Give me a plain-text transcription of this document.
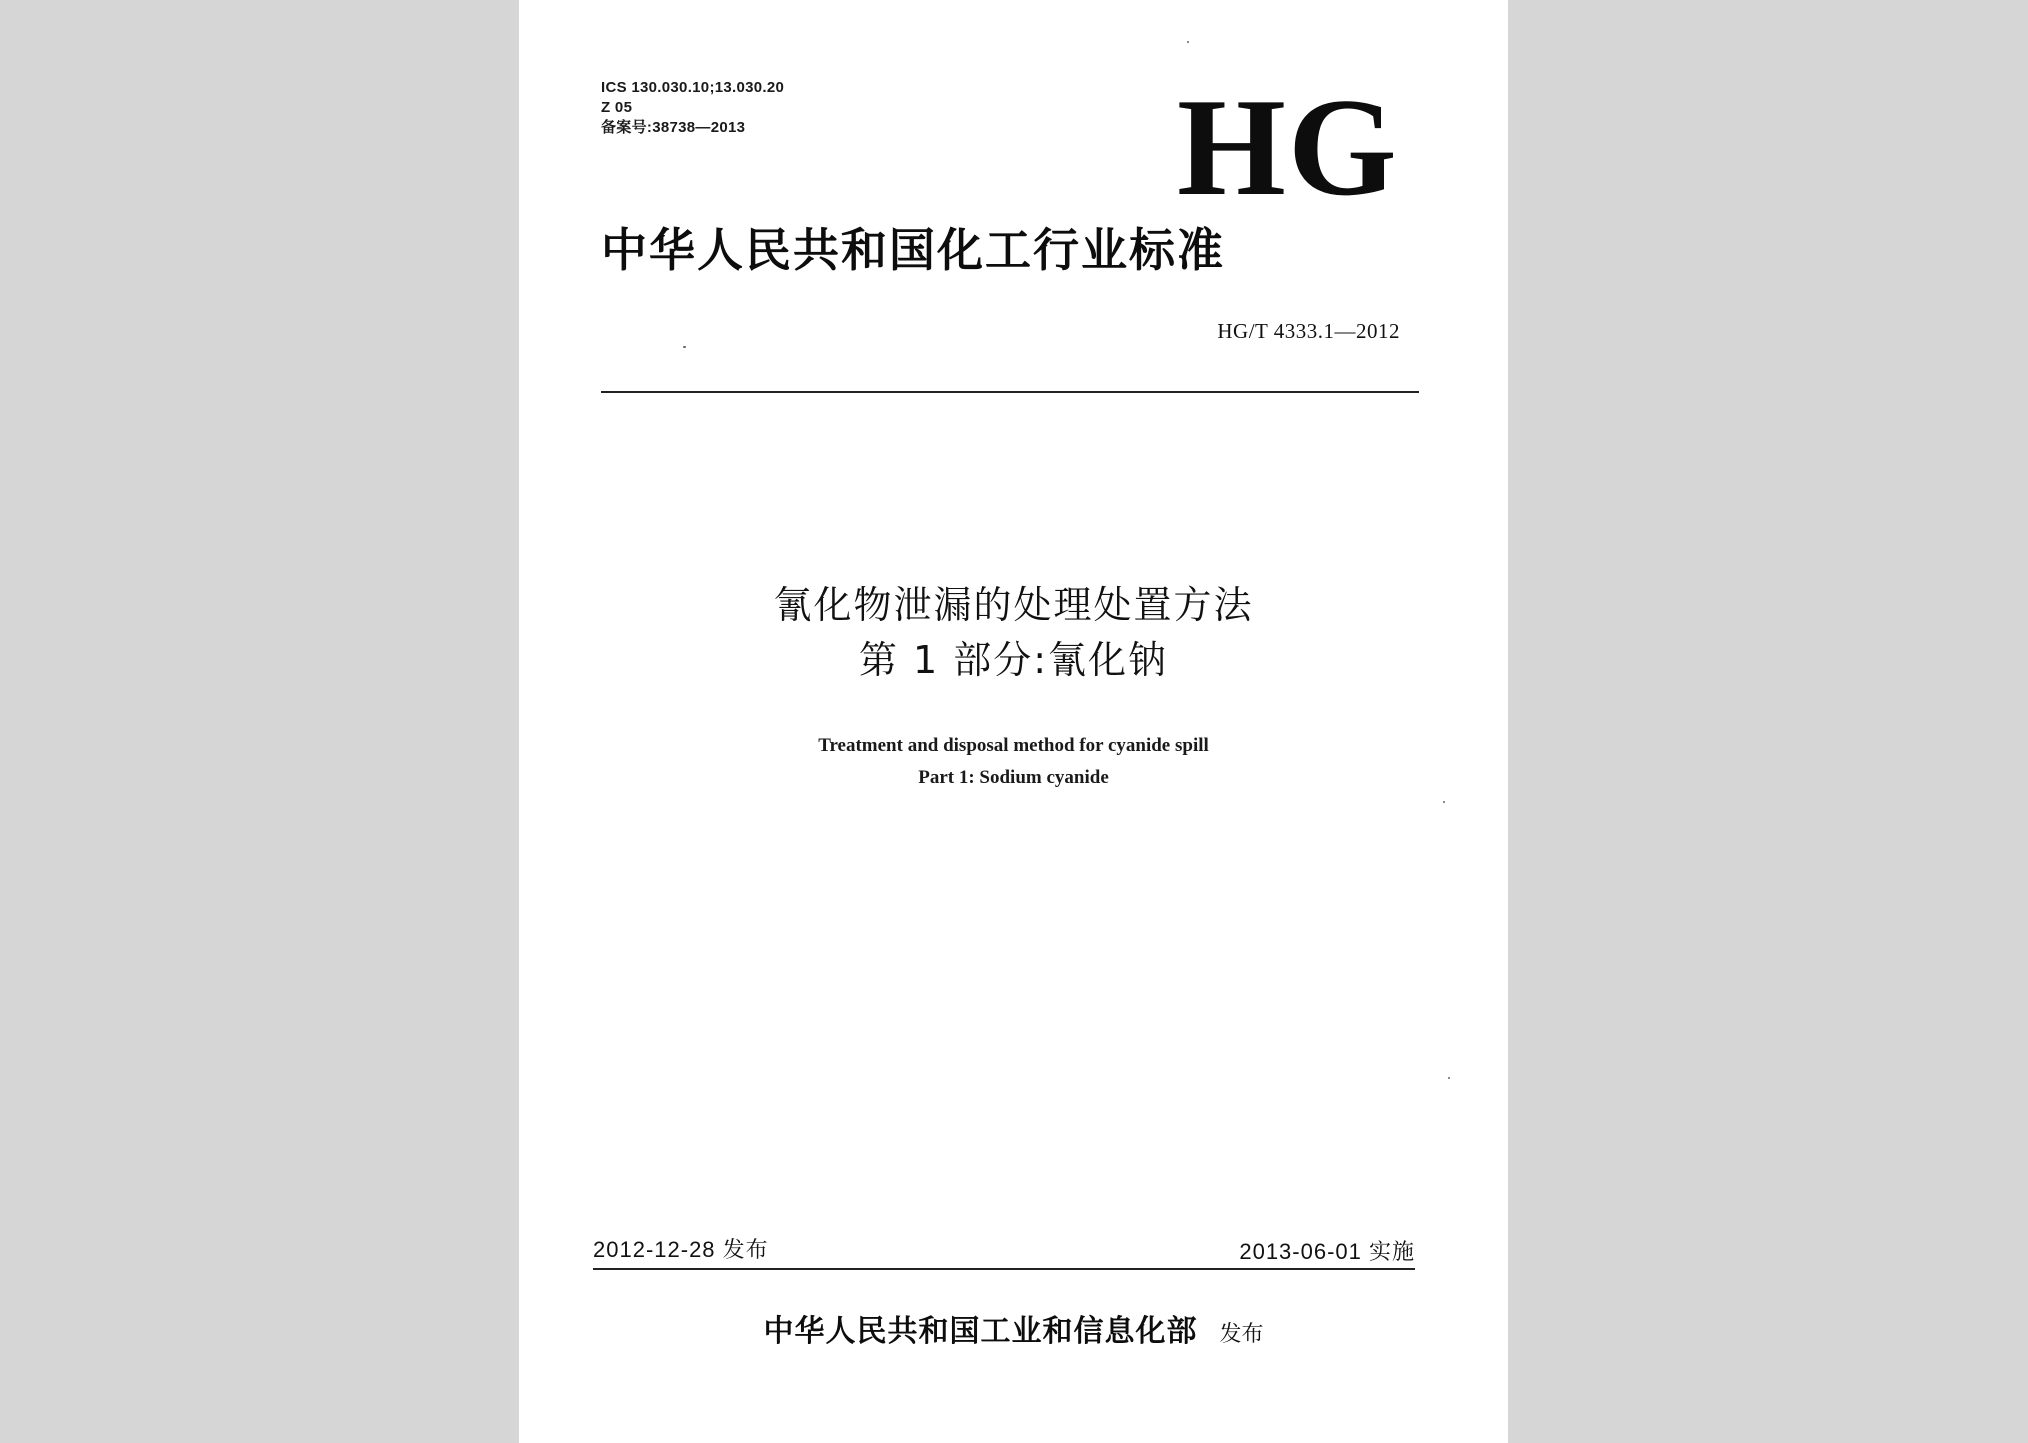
ICS 130.030.10;13.030.20
Z 05
备案号:38738—2013	HG
中华人民共和国化工行业标准
HG/T 4333.1—2012
氰化物泄漏的处理处置方法
第 1 部分:氰化钠
Treatment and disposal method for cyanide spill
Part 1: Sodium cyanide
2012-12-28 发布	2013-06-01 实施
中华人民共和国工业和信息化部 发布
